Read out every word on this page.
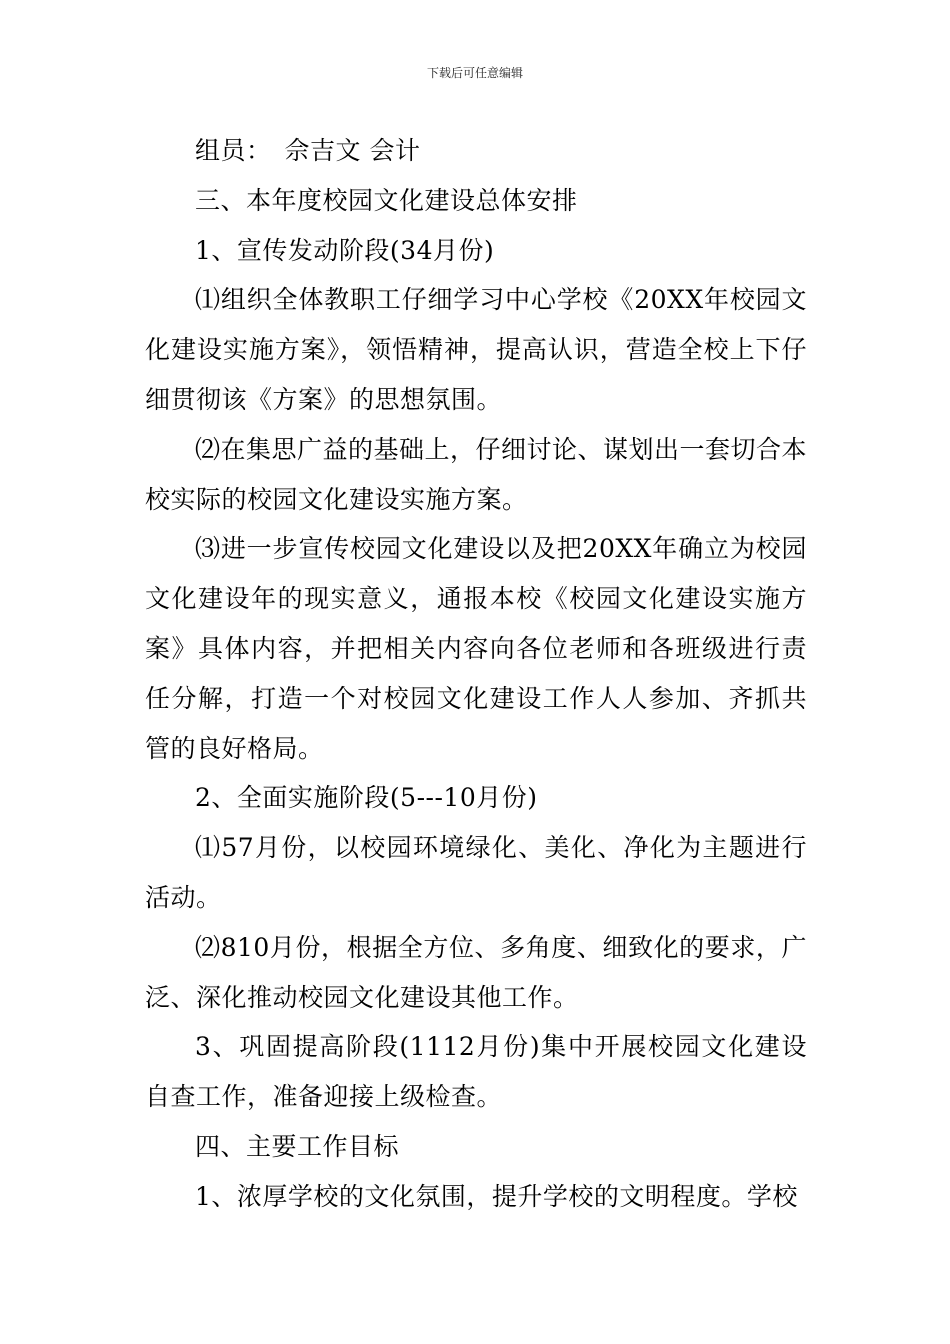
下载后可任意编辑

组员：　佘吉文 会计

三、本年度校园文化建设总体安排

1、宣传发动阶段(34月份)

⑴组织全体教职工仔细学习中心学校《20XX年校园文化建设实施方案》，领悟精神，提高认识，营造全校上下仔细贯彻该《方案》的思想氛围。

⑵在集思广益的基础上，仔细讨论、谋划出一套切合本校实际的校园文化建设实施方案。

⑶进一步宣传校园文化建设以及把20XX年确立为校园文化建设年的现实意义，通报本校《校园文化建设实施方案》具体内容，并把相关内容向各位老师和各班级进行责任分解，打造一个对校园文化建设工作人人参加、齐抓共管的良好格局。

2、全面实施阶段(5---10月份)

⑴57月份，以校园环境绿化、美化、净化为主题进行活动。

⑵810月份，根据全方位、多角度、细致化的要求，广泛、深化推动校园文化建设其他工作。

3、巩固提高阶段(1112月份)集中开展校园文化建设自查工作，准备迎接上级检查。

四、主要工作目标

1、浓厚学校的文化氛围，提升学校的文明程度。学校
